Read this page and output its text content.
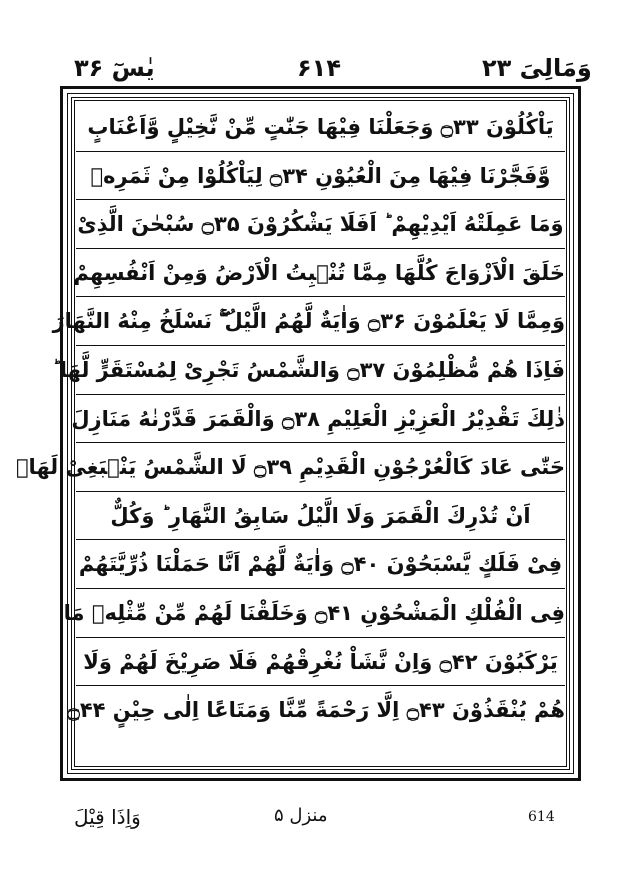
یٰسٓ ۳۶	۶۱۴	وَمَالِیَ ۲۳
یَاْكُلُوْنَ ۝۳۳ وَجَعَلْنَا فِیْهَا جَنّٰتٍ مِّنْ نَّخِیْلٍ وَّاَعْنَابٍ
وَّفَجَّرْنَا فِیْهَا مِنَ الْعُیُوْنِ ۝۳۴ لِیَاْكُلُوْا مِنْ ثَمَرِهٖ
وَمَا عَمِلَتْهُ اَیْدِیْهِمْ ؕ اَفَلَا یَشْكُرُوْنَ ۝۳۵ سُبْحٰنَ الَّذِیْ
خَلَقَ الْاَزْوَاجَ كُلَّهَا مِمَّا تُنْۢبِتُ الْاَرْضُ وَمِنْ اَنْفُسِهِمْ
وَمِمَّا لَا یَعْلَمُوْنَ ۝۳۶ وَاٰیَةٌ لَّهُمُ الَّیْلُ ۖۚ نَسْلَخُ مِنْهُ النَّهَارَ
فَاِذَا هُمْ مُّظْلِمُوْنَ ۝۳۷ وَالشَّمْسُ تَجْرِیْ لِمُسْتَقَرٍّ لَّهَا ؕ
ذٰلِكَ تَقْدِیْرُ الْعَزِیْزِ الْعَلِیْمِ ۝۳۸ وَالْقَمَرَ قَدَّرْنٰهُ مَنَازِلَ
حَتّٰی عَادَ كَالْعُرْجُوْنِ الْقَدِیْمِ ۝۳۹ لَا الشَّمْسُ یَنْۢبَغِیْ لَهَاۤ
اَنْ تُدْرِكَ الْقَمَرَ وَلَا الَّیْلُ سَابِقُ النَّهَارِ ؕ وَكُلٌّ
فِیْ فَلَكٍ یَّسْبَحُوْنَ ۝۴۰ وَاٰیَةٌ لَّهُمْ اَنَّا حَمَلْنَا ذُرِّیَّتَهُمْ
فِی الْفُلْكِ الْمَشْحُوْنِ ۝۴۱ وَخَلَقْنَا لَهُمْ مِّنْ مِّثْلِهٖ مَا
یَرْكَبُوْنَ ۝۴۲ وَاِنْ نَّشَاْ نُغْرِقْهُمْ فَلَا صَرِیْخَ لَهُمْ وَلَا
هُمْ یُنْقَذُوْنَ ۝۴۳ اِلَّا رَحْمَةً مِّنَّا وَمَتَاعًا اِلٰی حِیْنٍ ۝۴۴
وَاِذَا قِیْلَ	منزل ۵	614
